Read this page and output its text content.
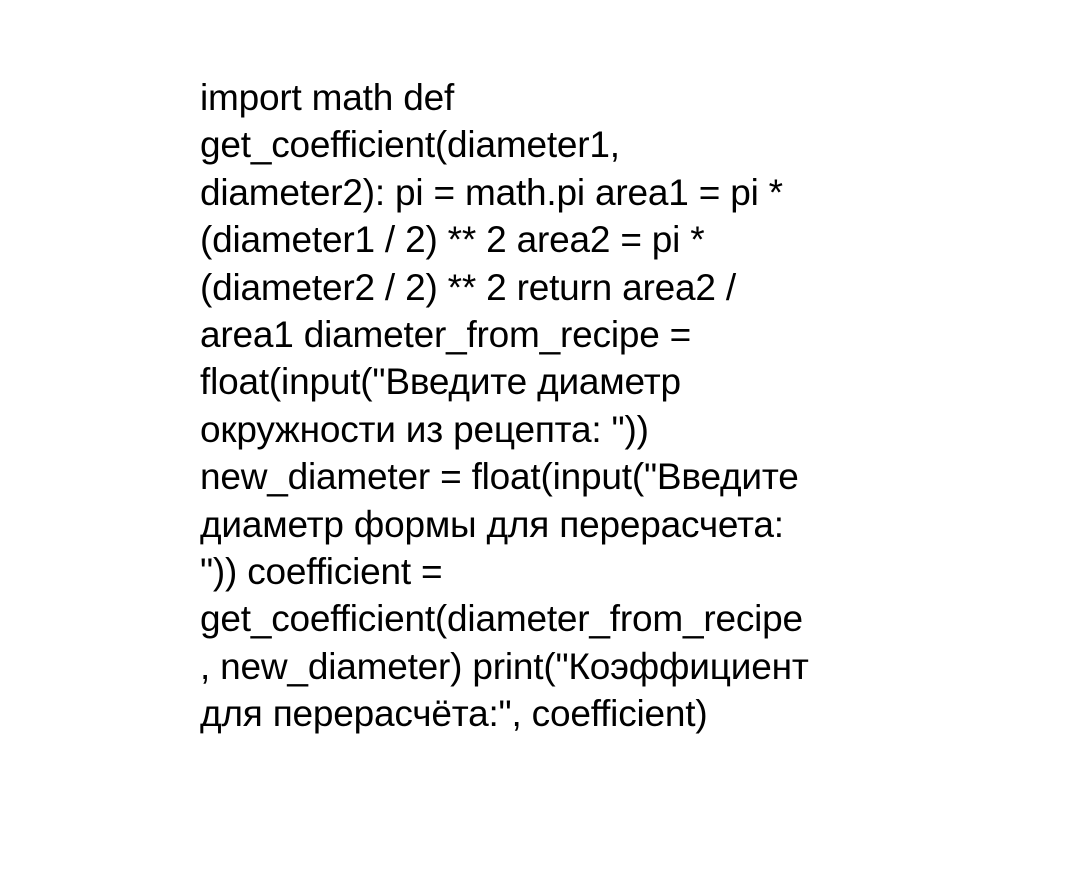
import math def
get_coefficient(diameter1,
diameter2): pi = math.pi area1 = pi *
(diameter1 / 2) ** 2 area2 = pi *
(diameter2 / 2) ** 2 return area2 /
area1 diameter_from_recipe =
float(input("Введите диаметр
окружности из рецепта: "))
new_diameter = float(input("Введите
диаметр формы для перерасчета:
")) coefficient =
get_coefficient(diameter_from_recipe
, new_diameter) print("Коэффициент
для перерасчёта:", coefficient)
